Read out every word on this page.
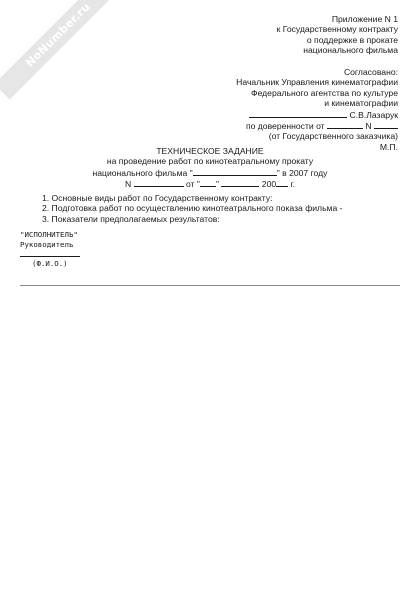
NoNumber.ru	Приложение N 1
к Государственному контракту
о поддержке в прокате
национального фильма
Согласовано:
Начальник Управления кинематографии
Федерального агентства по культуре
и кинематографии
С.В.Лазарук
по доверенности от	N
(от Государственного заказчика)
М.П.
ТЕХНИЧЕСКОЕ ЗАДАНИЕ
на проведение работ по кинотеатральному прокату
национального фильма "	" в 2007 году
N	от " "	200 г.
1. Основные виды работ по Государственному контракту:
2. Подготовка работ по осуществлению кинотеатрального показа фильма -
3. Показатели предполагаемых результатов:
"ИСПОЛНИТЕЛЬ"
Руководитель
(Ф.И.О.)
